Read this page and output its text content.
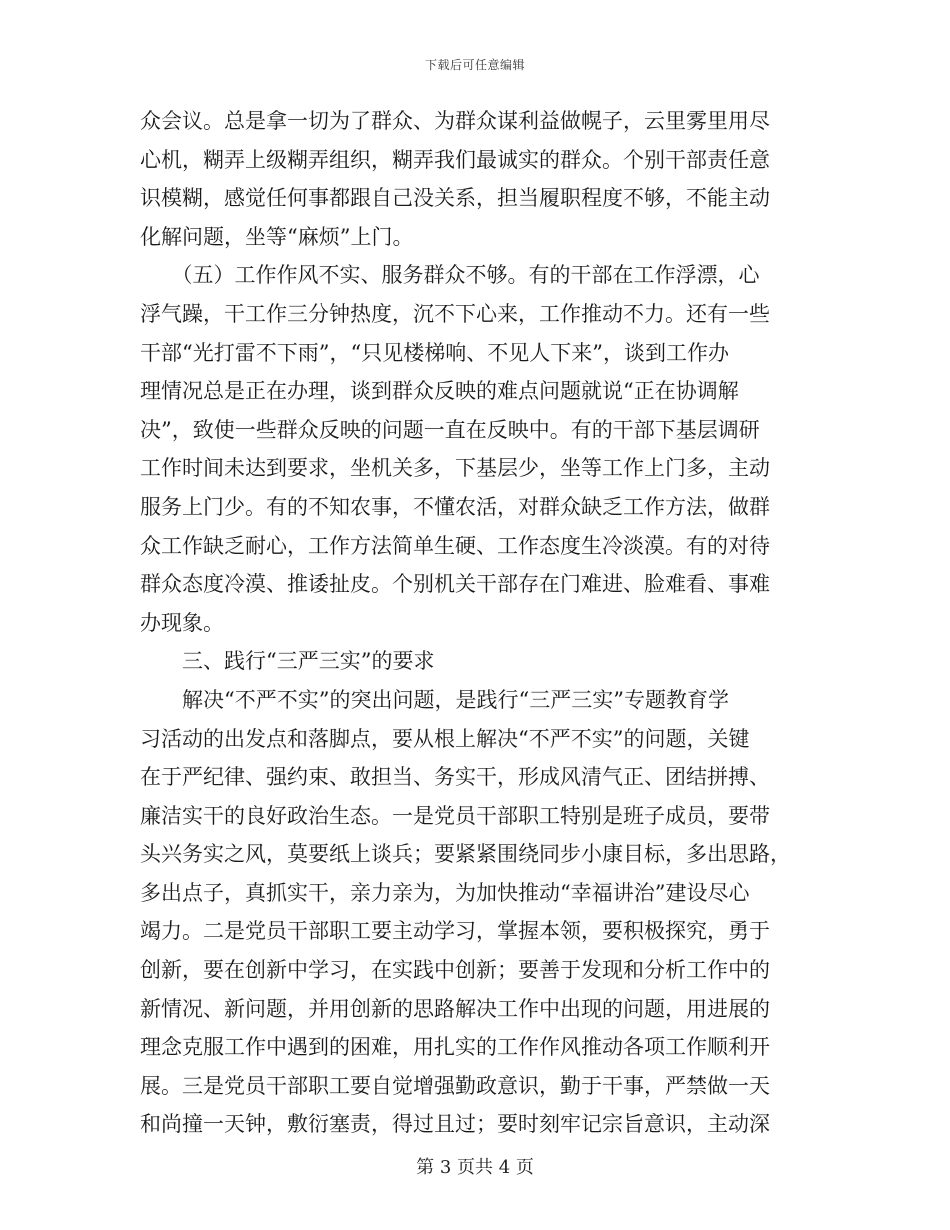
下载后可任意编辑
众会议。总是拿一切为了群众、为群众谋利益做幌子，云里雾里用尽
心机，糊弄上级糊弄组织，糊弄我们最诚实的群众。个别干部责任意
识模糊，感觉任何事都跟自己没关系，担当履职程度不够，不能主动
化解问题，坐等“麻烦”上门。
　　（五）工作作风不实、服务群众不够。有的干部在工作浮漂，心
浮气躁，干工作三分钟热度，沉不下心来，工作推动不力。还有一些
干部“光打雷不下雨”，“只见楼梯响、不见人下来”，谈到工作办
理情况总是正在办理，谈到群众反映的难点问题就说“正在协调解
决”，致使一些群众反映的问题一直在反映中。有的干部下基层调研
工作时间未达到要求，坐机关多，下基层少，坐等工作上门多，主动
服务上门少。有的不知农事，不懂农活，对群众缺乏工作方法，做群
众工作缺乏耐心，工作方法简单生硬、工作态度生冷淡漠。有的对待
群众态度冷漠、推诿扯皮。个别机关干部存在门难进、脸难看、事难
办现象。
　　三、践行“三严三实”的要求
　　解决“不严不实”的突出问题，是践行“三严三实”专题教育学
习活动的出发点和落脚点，要从根上解决“不严不实”的问题，关键
在于严纪律、强约束、敢担当、务实干，形成风清气正、团结拼搏、
廉洁实干的良好政治生态。一是党员干部职工特别是班子成员，要带
头兴务实之风，莫要纸上谈兵；要紧紧围绕同步小康目标，多出思路，
多出点子，真抓实干，亲力亲为，为加快推动“幸福讲治”建设尽心
竭力。二是党员干部职工要主动学习，掌握本领，要积极探究，勇于
创新，要在创新中学习，在实践中创新；要善于发现和分析工作中的
新情况、新问题，并用创新的思路解决工作中出现的问题，用进展的
理念克服工作中遇到的困难，用扎实的工作作风推动各项工作顺利开
展。三是党员干部职工要自觉增强勤政意识，勤于干事，严禁做一天
和尚撞一天钟，敷衍塞责，得过且过；要时刻牢记宗旨意识，主动深
第 3 页共 4 页
